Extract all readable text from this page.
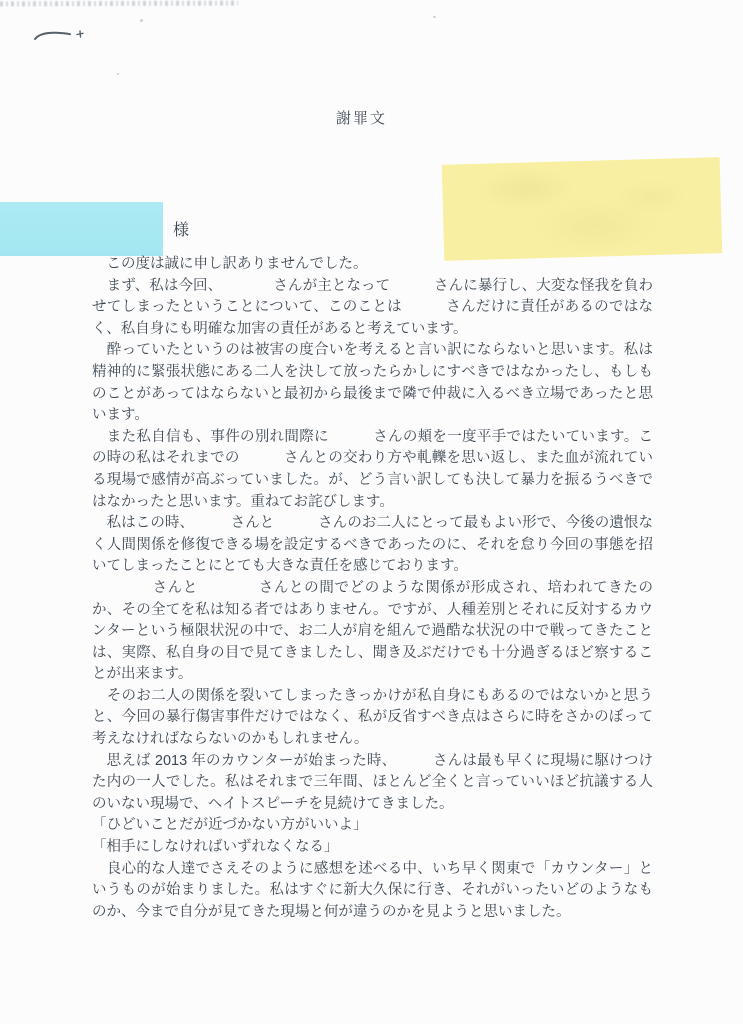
謝罪文
様

　この度は誠に申し訳ありませんでした。

　まず、私は今回、　　　　さんが主となって　　　さんに暴行し、大変な怪我を負わせてしまったということについて、このことは　　　さんだけに責任があるのではなく、私自身にも明確な加害の責任があると考えています。

　酔っていたというのは被害の度合いを考えると言い訳にならないと思います。私は精神的に緊張状態にある二人を決して放ったらかしにすべきではなかったし、もしものことがあってはならないと最初から最後まで隣で仲裁に入るべき立場であったと思います。

　また私自信も、事件の別れ間際に　　　さんの頬を一度平手ではたいています。この時の私はそれまでの　　　さんとの交わり方や軋轢を思い返し、また血が流れている現場で感情が高ぶっていました。が、どう言い訳しても決して暴力を振るうべきではなかったと思います。重ねてお詫びします。

　私はこの時、　　　さんと　　　さんのお二人にとって最もよい形で、今後の遺恨なく人間関係を修復できる場を設定するべきであったのに、それを怠り今回の事態を招いてしまったことにとても大きな責任を感じております。

　　　　さんと　　　　さんとの間でどのような関係が形成され、培われてきたのか、その全てを私は知る者ではありません。ですが、人種差別とそれに反対するカウンターという極限状況の中で、お二人が肩を組んで過酷な状況の中で戦ってきたことは、実際、私自身の目で見てきましたし、聞き及ぶだけでも十分過ぎるほど察することが出来ます。

　そのお二人の関係を裂いてしまったきっかけが私自身にもあるのではないかと思うと、今回の暴行傷害事件だけではなく、私が反省すべき点はさらに時をさかのぼって考えなければならないのかもしれません。

　思えば 2013 年のカウンターが始まった時、　　　さんは最も早くに現場に駆けつけた内の一人でした。私はそれまで三年間、ほとんど全くと言っていいほど抗議する人のいない現場で、ヘイトスピーチを見続けてきました。

「ひどいことだが近づかない方がいいよ」

「相手にしなければいずれなくなる」

　良心的な人達でさえそのように感想を述べる中、いち早く関東で「カウンター」というものが始まりました。私はすぐに新大久保に行き、それがいったいどのようなものか、今まで自分が見てきた現場と何が違うのかを見ようと思いました。
